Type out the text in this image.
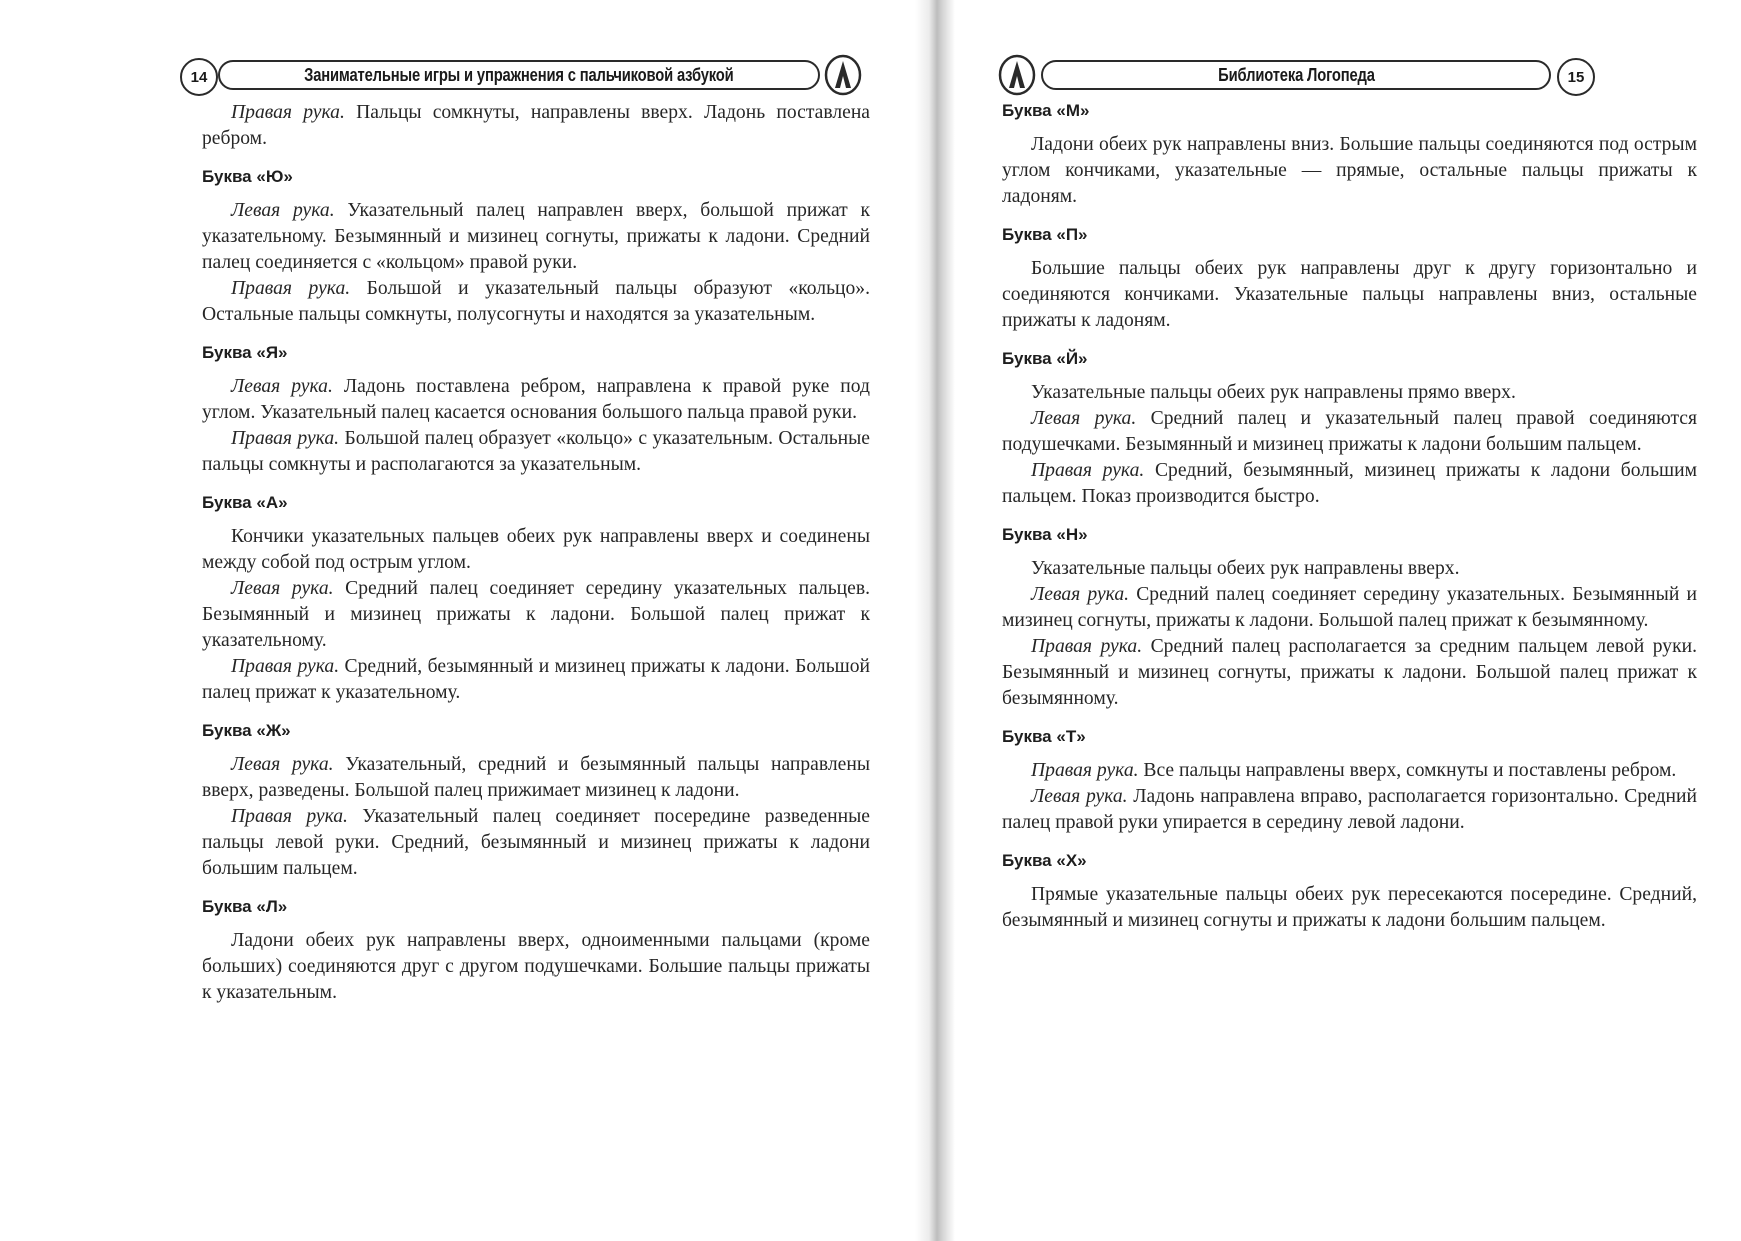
14	Занимательные игры и упражнения с пальчиковой азбукой

Правая рука. Пальцы сомкнуты, направлены вверх. Ладонь поставлена ребром.

Буква «Ю»

Левая рука. Указательный палец направлен вверх, большой прижат к указательному. Безымянный и мизинец согнуты, прижаты к ладони. Средний палец соединяется с «кольцом» правой руки.

Правая рука. Большой и указательный пальцы образуют «кольцо». Остальные пальцы сомкнуты, полусогнуты и находятся за указательным.

Буква «Я»

Левая рука. Ладонь поставлена ребром, направлена к правой руке под углом. Указательный палец касается основания большого пальца правой руки.

Правая рука. Большой палец образует «кольцо» с указательным. Остальные пальцы сомкнуты и располагаются за указательным.

Буква «А»

Кончики указательных пальцев обеих рук направлены вверх и соединены между собой под острым углом.

Левая рука. Средний палец соединяет середину указательных пальцев. Безымянный и мизинец прижаты к ладони. Большой палец прижат к указательному.

Правая рука. Средний, безымянный и мизинец прижаты к ладони. Большой палец прижат к указательному.

Буква «Ж»

Левая рука. Указательный, средний и безымянный пальцы направлены вверх, разведены. Большой палец прижимает мизинец к ладони.

Правая рука. Указательный палец соединяет посередине разведенные пальцы левой руки. Средний, безымянный и мизинец прижаты к ладони большим пальцем.

Буква «Л»

Ладони обеих рук направлены вверх, одноименными пальцами (кроме больших) соединяются друг с другом подушечками. Большие пальцы прижаты к указательным.

Библиотека Логопеда	15
Буква «М»

Ладони обеих рук направлены вниз. Большие пальцы соединяются под острым углом кончиками, указательные — прямые, остальные пальцы прижаты к ладоням.

Буква «П»

Большие пальцы обеих рук направлены друг к другу горизонтально и соединяются кончиками. Указательные пальцы направлены вниз, остальные прижаты к ладоням.

Буква «Й»

Указательные пальцы обеих рук направлены прямо вверх.

Левая рука. Средний палец и указательный палец правой соединяются подушечками. Безымянный и мизинец прижаты к ладони большим пальцем.

Правая рука. Средний, безымянный, мизинец прижаты к ладони большим пальцем. Показ производится быстро.

Буква «Н»

Указательные пальцы обеих рук направлены вверх.

Левая рука. Средний палец соединяет середину указательных. Безымянный и мизинец согнуты, прижаты к ладони. Большой палец прижат к безымянному.

Правая рука. Средний палец располагается за средним пальцем левой руки. Безымянный и мизинец согнуты, прижаты к ладони. Большой палец прижат к безымянному.

Буква «Т»

Правая рука. Все пальцы направлены вверх, сомкнуты и поставлены ребром.

Левая рука. Ладонь направлена вправо, располагается горизонтально. Средний палец правой руки упирается в середину левой ладони.

Буква «Х»

Прямые указательные пальцы обеих рук пересекаются посередине. Средний, безымянный и мизинец согнуты и прижаты к ладони большим пальцем.
